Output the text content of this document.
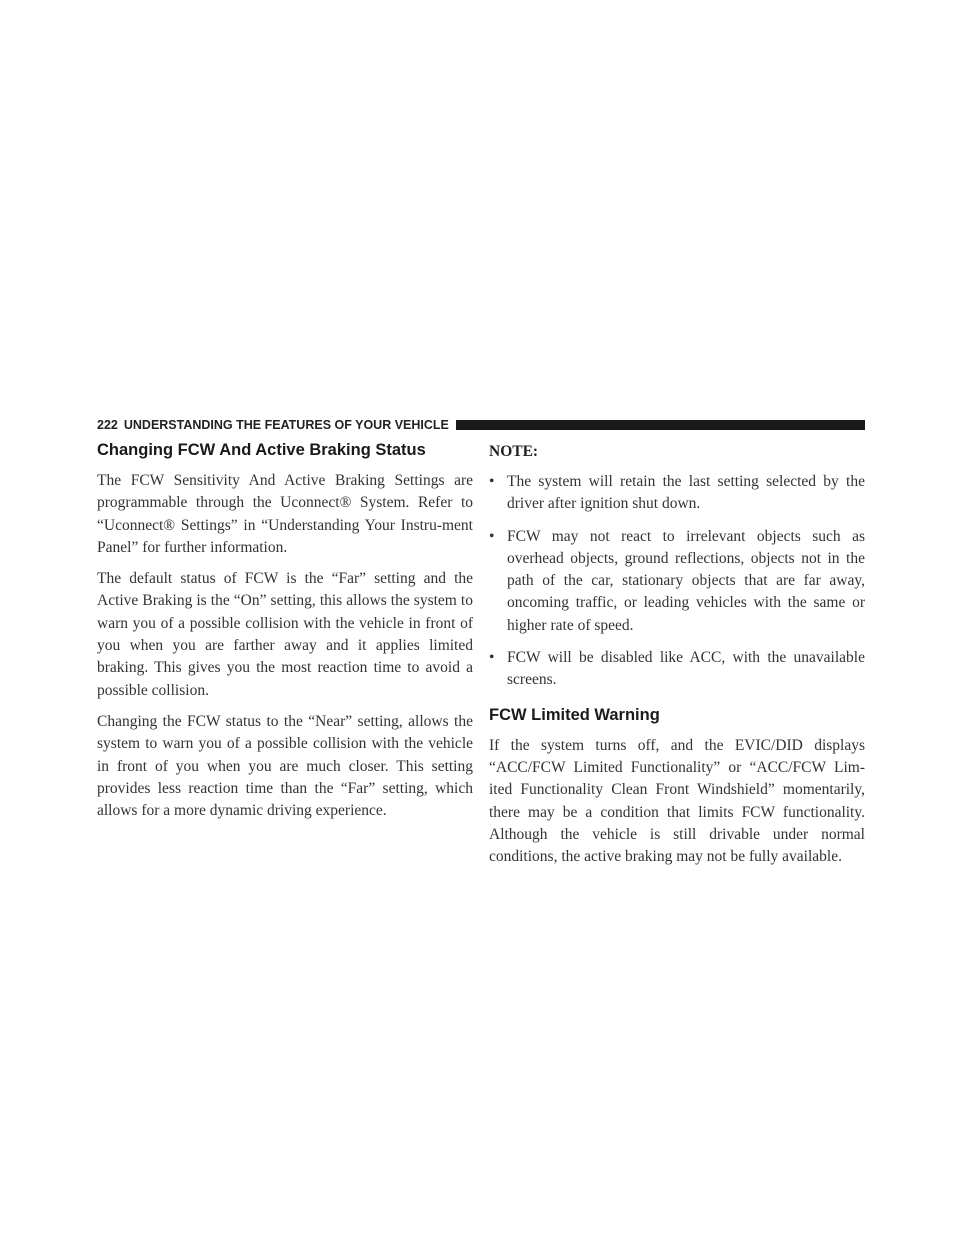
222 UNDERSTANDING THE FEATURES OF YOUR VEHICLE
Changing FCW And Active Braking Status

The FCW Sensitivity And Active Braking Settings are programmable through the Uconnect® System. Refer to “Uconnect® Settings” in “Understanding Your Instru-ment Panel” for further information.

The default status of FCW is the “Far” setting and the Active Braking is the “On” setting, this allows the system to warn you of a possible collision with the vehicle in front of you when you are farther away and it applies limited braking. This gives you the most reaction time to avoid a possible collision.

Changing the FCW status to the “Near” setting, allows the system to warn you of a possible collision with the vehicle in front of you when you are much closer. This setting provides less reaction time than the “Far” setting, which allows for a more dynamic driving experience.

NOTE:
• The system will retain the last setting selected by the driver after ignition shut down.
• FCW may not react to irrelevant objects such as overhead objects, ground reflections, objects not in the path of the car, stationary objects that are far away, oncoming traffic, or leading vehicles with the same or higher rate of speed.
• FCW will be disabled like ACC, with the unavailable screens.
FCW Limited Warning

If the system turns off, and the EVIC/DID displays “ACC/FCW Limited Functionality” or “ACC/FCW Lim-ited Functionality Clean Front Windshield” momentarily, there may be a condition that limits FCW functionality. Although the vehicle is still drivable under normal conditions, the active braking may not be fully available.
